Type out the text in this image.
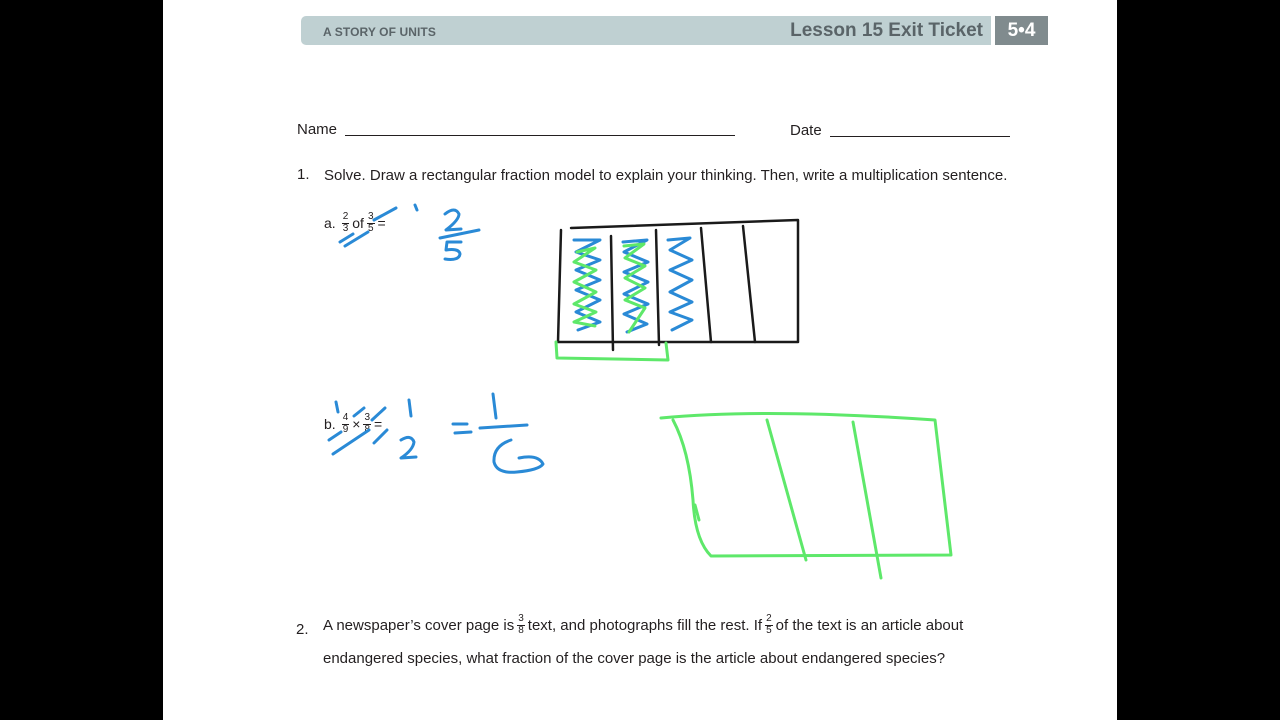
A STORY OF UNITS	Lesson 15 Exit Ticket	5•4
Name	Date
1. Solve. Draw a rectangular fraction model to explain your thinking. Then, write a multiplication sentence.
a. $\frac{2}{3}$ of $\frac{3}{5}$ =
b. $\frac{4}{9} \times \frac{3}{8}$ =
2. A newspaper’s cover page is $\frac{3}{8}$ text, and photographs fill the rest. If $\frac{2}{5}$ of the text is an article about
endangered species, what fraction of the cover page is the article about endangered species?
